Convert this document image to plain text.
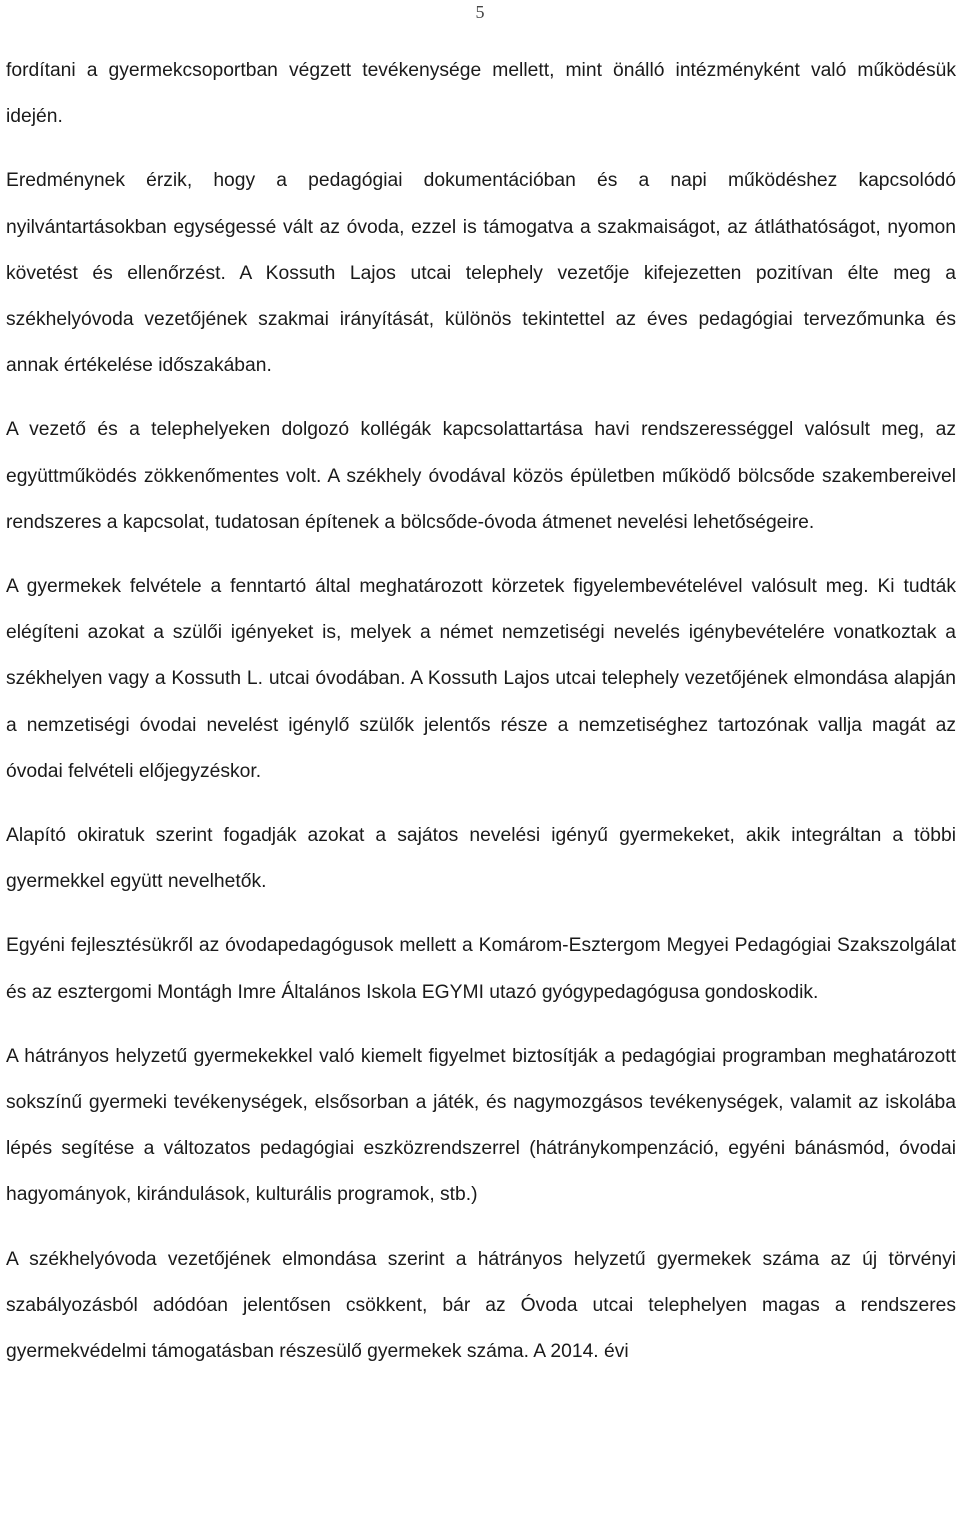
5

fordítani a gyermekcsoportban végzett tevékenysége mellett, mint önálló intézményként való működésük idején.

Eredménynek érzik, hogy a pedagógiai dokumentációban és a napi működéshez kapcsolódó nyilvántartásokban egységessé vált az óvoda, ezzel is támogatva a szakmaiságot, az átláthatóságot, nyomon követést és ellenőrzést. A Kossuth Lajos utcai telephely vezetője kifejezetten pozitívan élte meg a székhelyóvoda vezetőjének szakmai irányítását, különös tekintettel az éves pedagógiai tervezőmunka és annak értékelése időszakában.

A vezető és a telephelyeken dolgozó kollégák kapcsolattartása havi rendszerességgel valósult meg, az együttműködés zökkenőmentes volt. A székhely óvodával közös épületben működő bölcsőde szakembereivel rendszeres a kapcsolat, tudatosan építenek a bölcsőde-óvoda átmenet nevelési lehetőségeire.

A gyermekek felvétele a fenntartó által meghatározott körzetek figyelembevételével valósult meg. Ki tudták elégíteni azokat a szülői igényeket is, melyek a német nemzetiségi nevelés igénybevételére vonatkoztak a székhelyen vagy a Kossuth L. utcai óvodában. A Kossuth Lajos utcai telephely vezetőjének elmondása alapján a nemzetiségi óvodai nevelést igénylő szülők jelentős része a nemzetiséghez tartozónak vallja magát az óvodai felvételi előjegyzéskor.

Alapító okiratuk szerint fogadják azokat a sajátos nevelési igényű gyermekeket, akik integráltan a többi gyermekkel együtt nevelhetők.

Egyéni fejlesztésükről az óvodapedagógusok mellett a Komárom-Esztergom Megyei Pedagógiai Szakszolgálat és az esztergomi Montágh Imre Általános Iskola EGYMI utazó gyógypedagógusa gondoskodik.

A hátrányos helyzetű gyermekekkel való kiemelt figyelmet biztosítják a pedagógiai programban meghatározott sokszínű gyermeki tevékenységek, elsősorban a játék, és nagymozgásos tevékenységek, valamit az iskolába lépés segítése a változatos pedagógiai eszközrendszerrel (hátránykompenzáció, egyéni bánásmód, óvodai hagyományok, kirándulások, kulturális programok, stb.)

A székhelyóvoda vezetőjének elmondása szerint a hátrányos helyzetű gyermekek száma az új törvényi szabályozásból adódóan jelentősen csökkent, bár az Óvoda utcai telephelyen magas a rendszeres gyermekvédelmi támogatásban részesülő gyermekek száma. A 2014. évi
